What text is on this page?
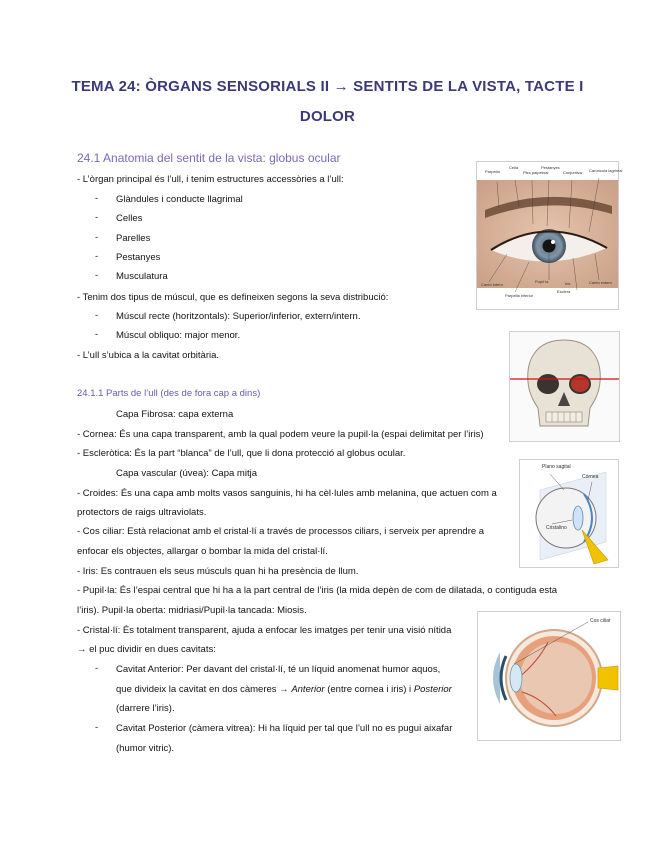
TEMA 24: ÒRGANS SENSORIALS II → SENTITS DE LA VISTA, TACTE I
DOLOR
24.1 Anatomia del sentit de la vista: globus ocular
- L’òrgan principal és l’ull, i tenim estructures accessòries a l’ull:
- Glàndules i conducte llagrimal
- Celles
- Parelles
- Pestanyes
- Musculatura
- Tenim dos tipus de múscul, que es defineixen segons la seva distribució:
- Múscul recte (horitzontals): Superior/inferior, extern/intern.
- Múscul obliquo: major menor.
- L’ull s’ubica a la cavitat orbitària.
24.1.1 Parts de l’ull (des de fora cap a dins)
Capa Fibrosa: capa externa
- Cornea: És una capa transparent, amb la qual podem veure la pupil·la (espai delimitat per l’iris)
- Escleròtica: És la part “blanca” de l’ull, que li dona protecció al globus ocular.
Capa vascular (úvea): Capa mitja
- Croides: És una capa amb molts vasos sanguinis, hi ha cèl·lules amb melanina, que actuen com a
protectors de raigs ultraviolats.
- Cos ciliar: Està relacionat amb el cristal·lí a través de processos ciliars, i serveix per aprendre a
enfocar els objectes, allargar o bombar la mida del cristal·lí.
- Iris: Es contrauen els seus músculs quan hi ha presència de llum.
- Pupil·la: És l’espai central que hi ha a la part central de l’iris (la mida depèn de com de dilatada, o contiguda esta
l’iris). Pupil·la oberta: midriasi/Pupil·la tancada: Miosis.
- Cristal·lí: És totalment transparent, ajuda a enfocar les imatges per tenir una visió nítida
→ el puc dividir en dues cavitats:
- Cavitat Anterior: Per davant del cristal·lí, té un líquid anomenat humor aquos,
que divideix la cavitat en dos càmeres → Anterior (entre cornea i iris) i Posterior
(darrere l’iris).
- Cavitat Posterior (càmera vitrea): Hi ha líquid per tal que l’ull no es pugui aixafar
(humor vitric).
Parpella
Cella
Plec palpebral
Pestanyes
Conjuntiva Carúncula lagrimal
Cantó intern
Parpella inferior
Pupil·la
Esclera
Cantó extern
Iris
Plano sagital
Córnea
Cristalino
Cos ciliar
